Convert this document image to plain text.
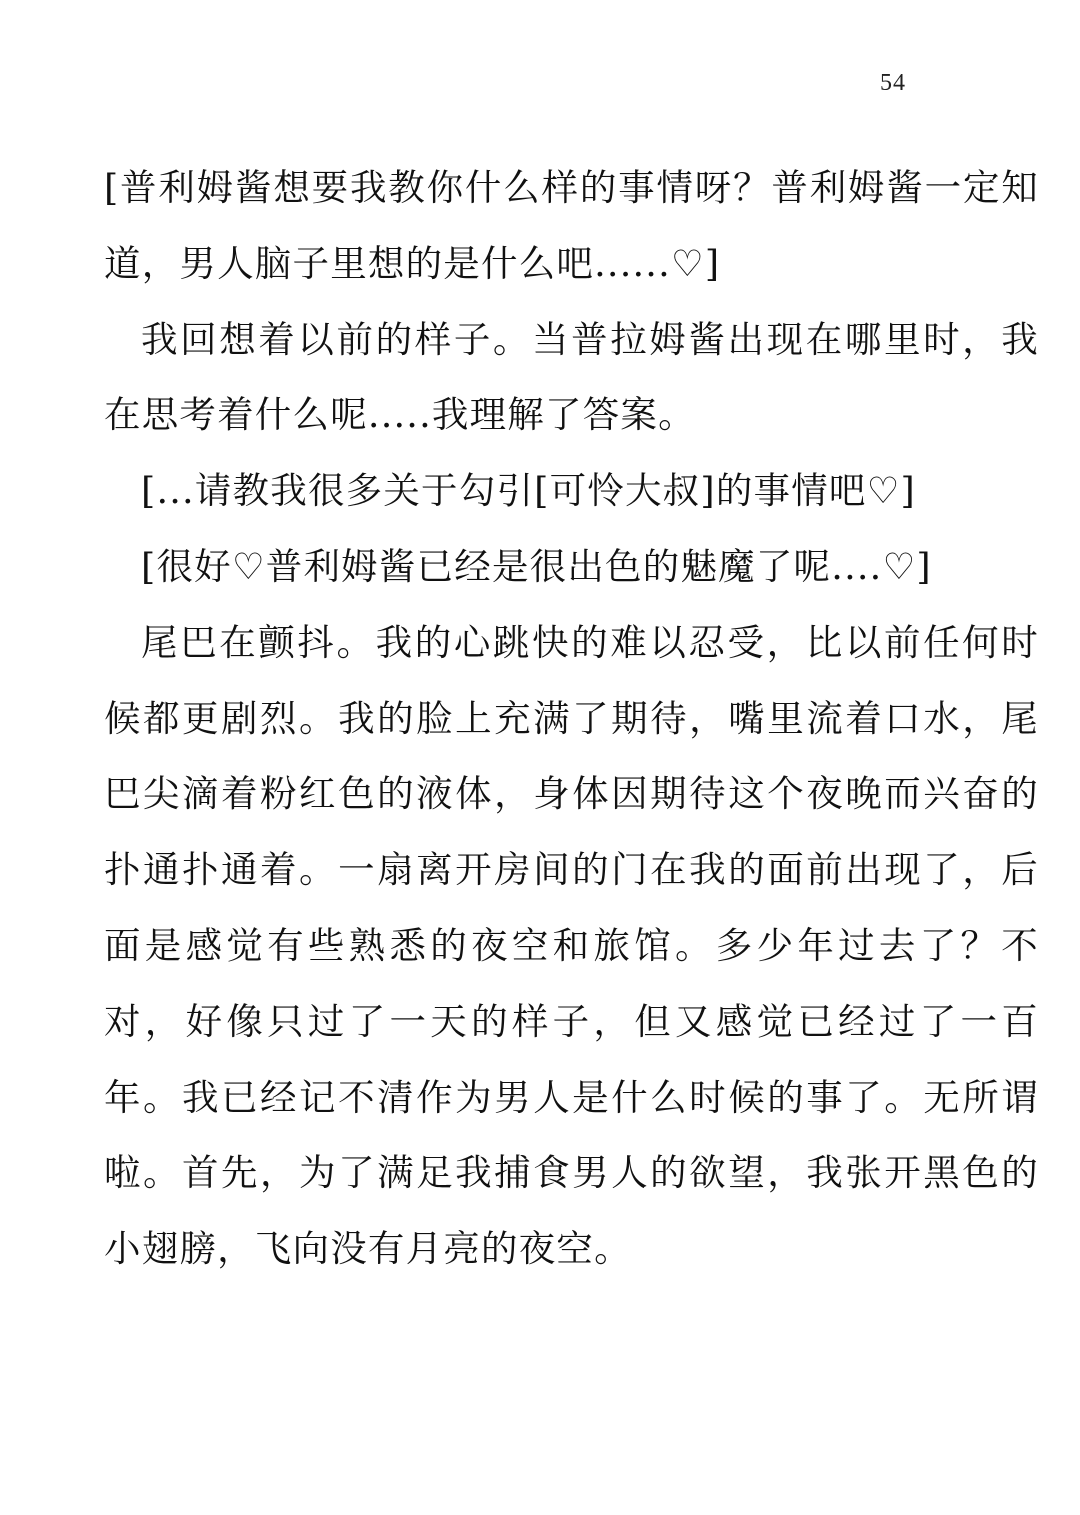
54

[普利姆酱想要我教你什么样的事情呀？普利姆酱一定知道，男人脑子里想的是什么吧......♡]

我回想着以前的样子。当普拉姆酱出现在哪里时，我在思考着什么呢.....我理解了答案。

[...请教我很多关于勾引[可怜大叔]的事情吧♡]

[很好♡普利姆酱已经是很出色的魅魔了呢....♡]

尾巴在颤抖。我的心跳快的难以忍受，比以前任何时候都更剧烈。我的脸上充满了期待，嘴里流着口水，尾巴尖滴着粉红色的液体，身体因期待这个夜晚而兴奋的扑通扑通着。一扇离开房间的门在我的面前出现了，后面是感觉有些熟悉的夜空和旅馆。多少年过去了？不对，好像只过了一天的样子，但又感觉已经过了一百年。我已经记不清作为男人是什么时候的事了。无所谓啦。首先，为了满足我捕食男人的欲望，我张开黑色的小翅膀，飞向没有月亮的夜空。
